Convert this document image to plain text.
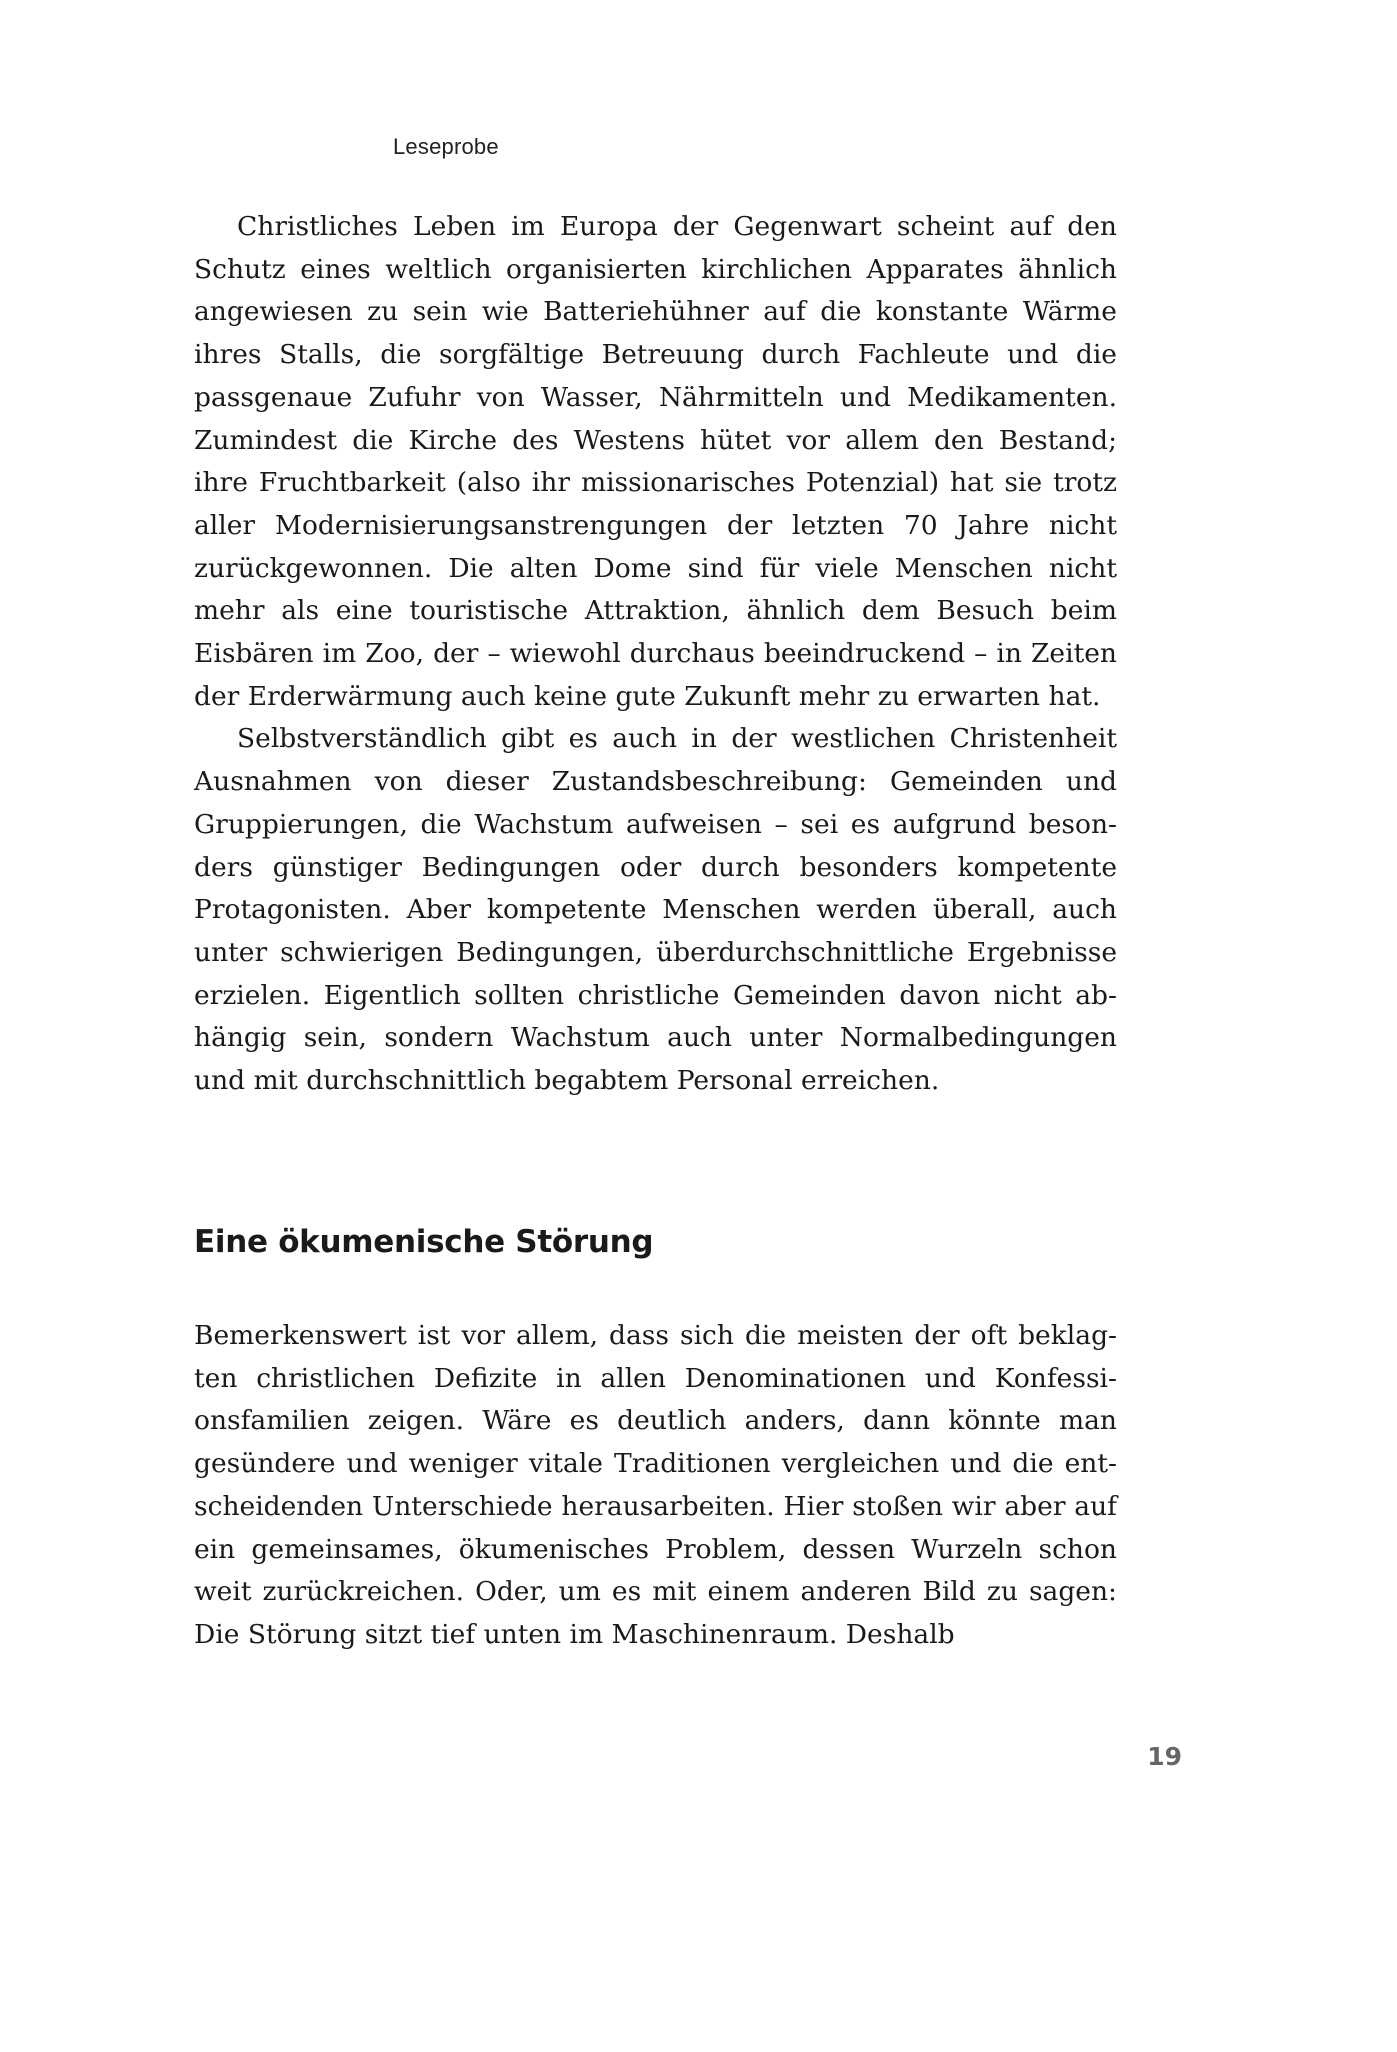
Leseprobe

Christliches Leben im Europa der Gegenwart scheint auf den Schutz eines weltlich organisierten kirchlichen Apparates ähnlich angewiesen zu sein wie Batteriehühner auf die konstante Wärme ihres Stalls, die sorgfältige Betreuung durch Fachleute und die passgenaue Zufuhr von Wasser, Nährmitteln und Medikamenten. Zumindest die Kirche des Westens hütet vor allem den Bestand; ihre Fruchtbarkeit (also ihr missionarisches Potenzial) hat sie trotz aller Modernisierungsanstrengungen der letzten 70 Jahre nicht zurückgewonnen. Die alten Dome sind für viele Menschen nicht mehr als eine touristische Attraktion, ähnlich dem Besuch beim Eisbären im Zoo, der – wiewohl durchaus beeindruckend – in Zeiten der Erderwärmung auch keine gute Zukunft mehr zu erwarten hat.

Selbstverständlich gibt es auch in der westlichen Christenheit Ausnahmen von dieser Zustandsbeschreibung: Gemeinden und Gruppierungen, die Wachstum aufweisen – sei es aufgrund besonders günstiger Bedingungen oder durch besonders kompetente Protagonisten. Aber kompetente Menschen werden überall, auch unter schwierigen Bedingungen, überdurchschnittliche Ergebnisse erzielen. Eigentlich sollten christliche Gemeinden davon nicht abhängig sein, sondern Wachstum auch unter Normalbedingungen und mit durchschnittlich begabtem Personal erreichen.

Eine ökumenische Störung

Bemerkenswert ist vor allem, dass sich die meisten der oft beklagten christlichen Defizite in allen Denominationen und Konfessionsfamilien zeigen. Wäre es deutlich anders, dann könnte man gesündere und weniger vitale Traditionen vergleichen und die entscheidenden Unterschiede herausarbeiten. Hier stoßen wir aber auf ein gemeinsames, ökumenisches Problem, dessen Wurzeln schon weit zurückreichen. Oder, um es mit einem anderen Bild zu sagen: Die Störung sitzt tief unten im Maschinenraum. Deshalb

19
